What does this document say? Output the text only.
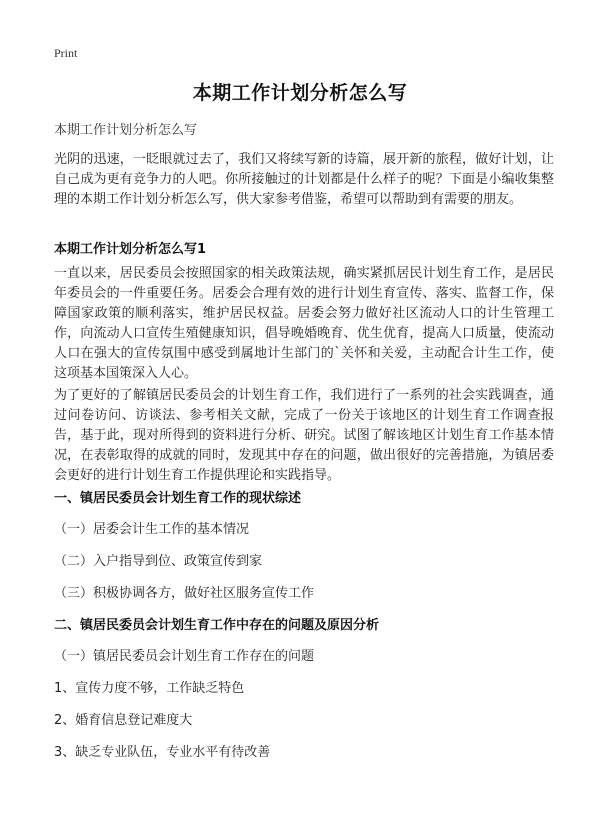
Print
本期工作计划分析怎么写
本期工作计划分析怎么写
光阴的迅速，一眨眼就过去了，我们又将续写新的诗篇，展开新的旅程，做好计划，让自己成为更有竞争力的人吧。你所接触过的计划都是什么样子的呢？下面是小编收集整理的本期工作计划分析怎么写，供大家参考借鉴，希望可以帮助到有需要的朋友。
本期工作计划分析怎么写1
一直以来，居民委员会按照国家的相关政策法规，确实紧抓居民计划生育工作，是居民年委员会的一件重要任务。居委会合理有效的进行计划生育宣传、落实、监督工作，保障国家政策的顺利落实，维护居民权益。居委会努力做好社区流动人口的计生管理工作，向流动人口宣传生殖健康知识，倡导晚婚晚育、优生优育，提高人口质量，使流动人口在强大的宣传氛围中感受到属地计生部门的`关怀和关爱，主动配合计生工作，使这项基本国策深入人心。
为了更好的了解镇居民委员会的计划生育工作，我们进行了一系列的社会实践调查，通过问卷访问、访谈法、参考相关文献，完成了一份关于该地区的计划生育工作调查报告，基于此，现对所得到的资料进行分析、研究。试图了解该地区计划生育工作基本情况，在表彰取得的成就的同时，发现其中存在的问题，做出很好的完善措施，为镇居委会更好的进行计划生育工作提供理论和实践指导。
一、镇居民委员会计划生育工作的现状综述
（一）居委会计生工作的基本情况
（二）入户指导到位、政策宣传到家
（三）积极协调各方，做好社区服务宣传工作
二、镇居民委员会计划生育工作中存在的问题及原因分析
（一）镇居民委员会计划生育工作存在的问题
1、宣传力度不够，工作缺乏特色
2、婚育信息登记难度大
3、缺乏专业队伍，专业水平有待改善
